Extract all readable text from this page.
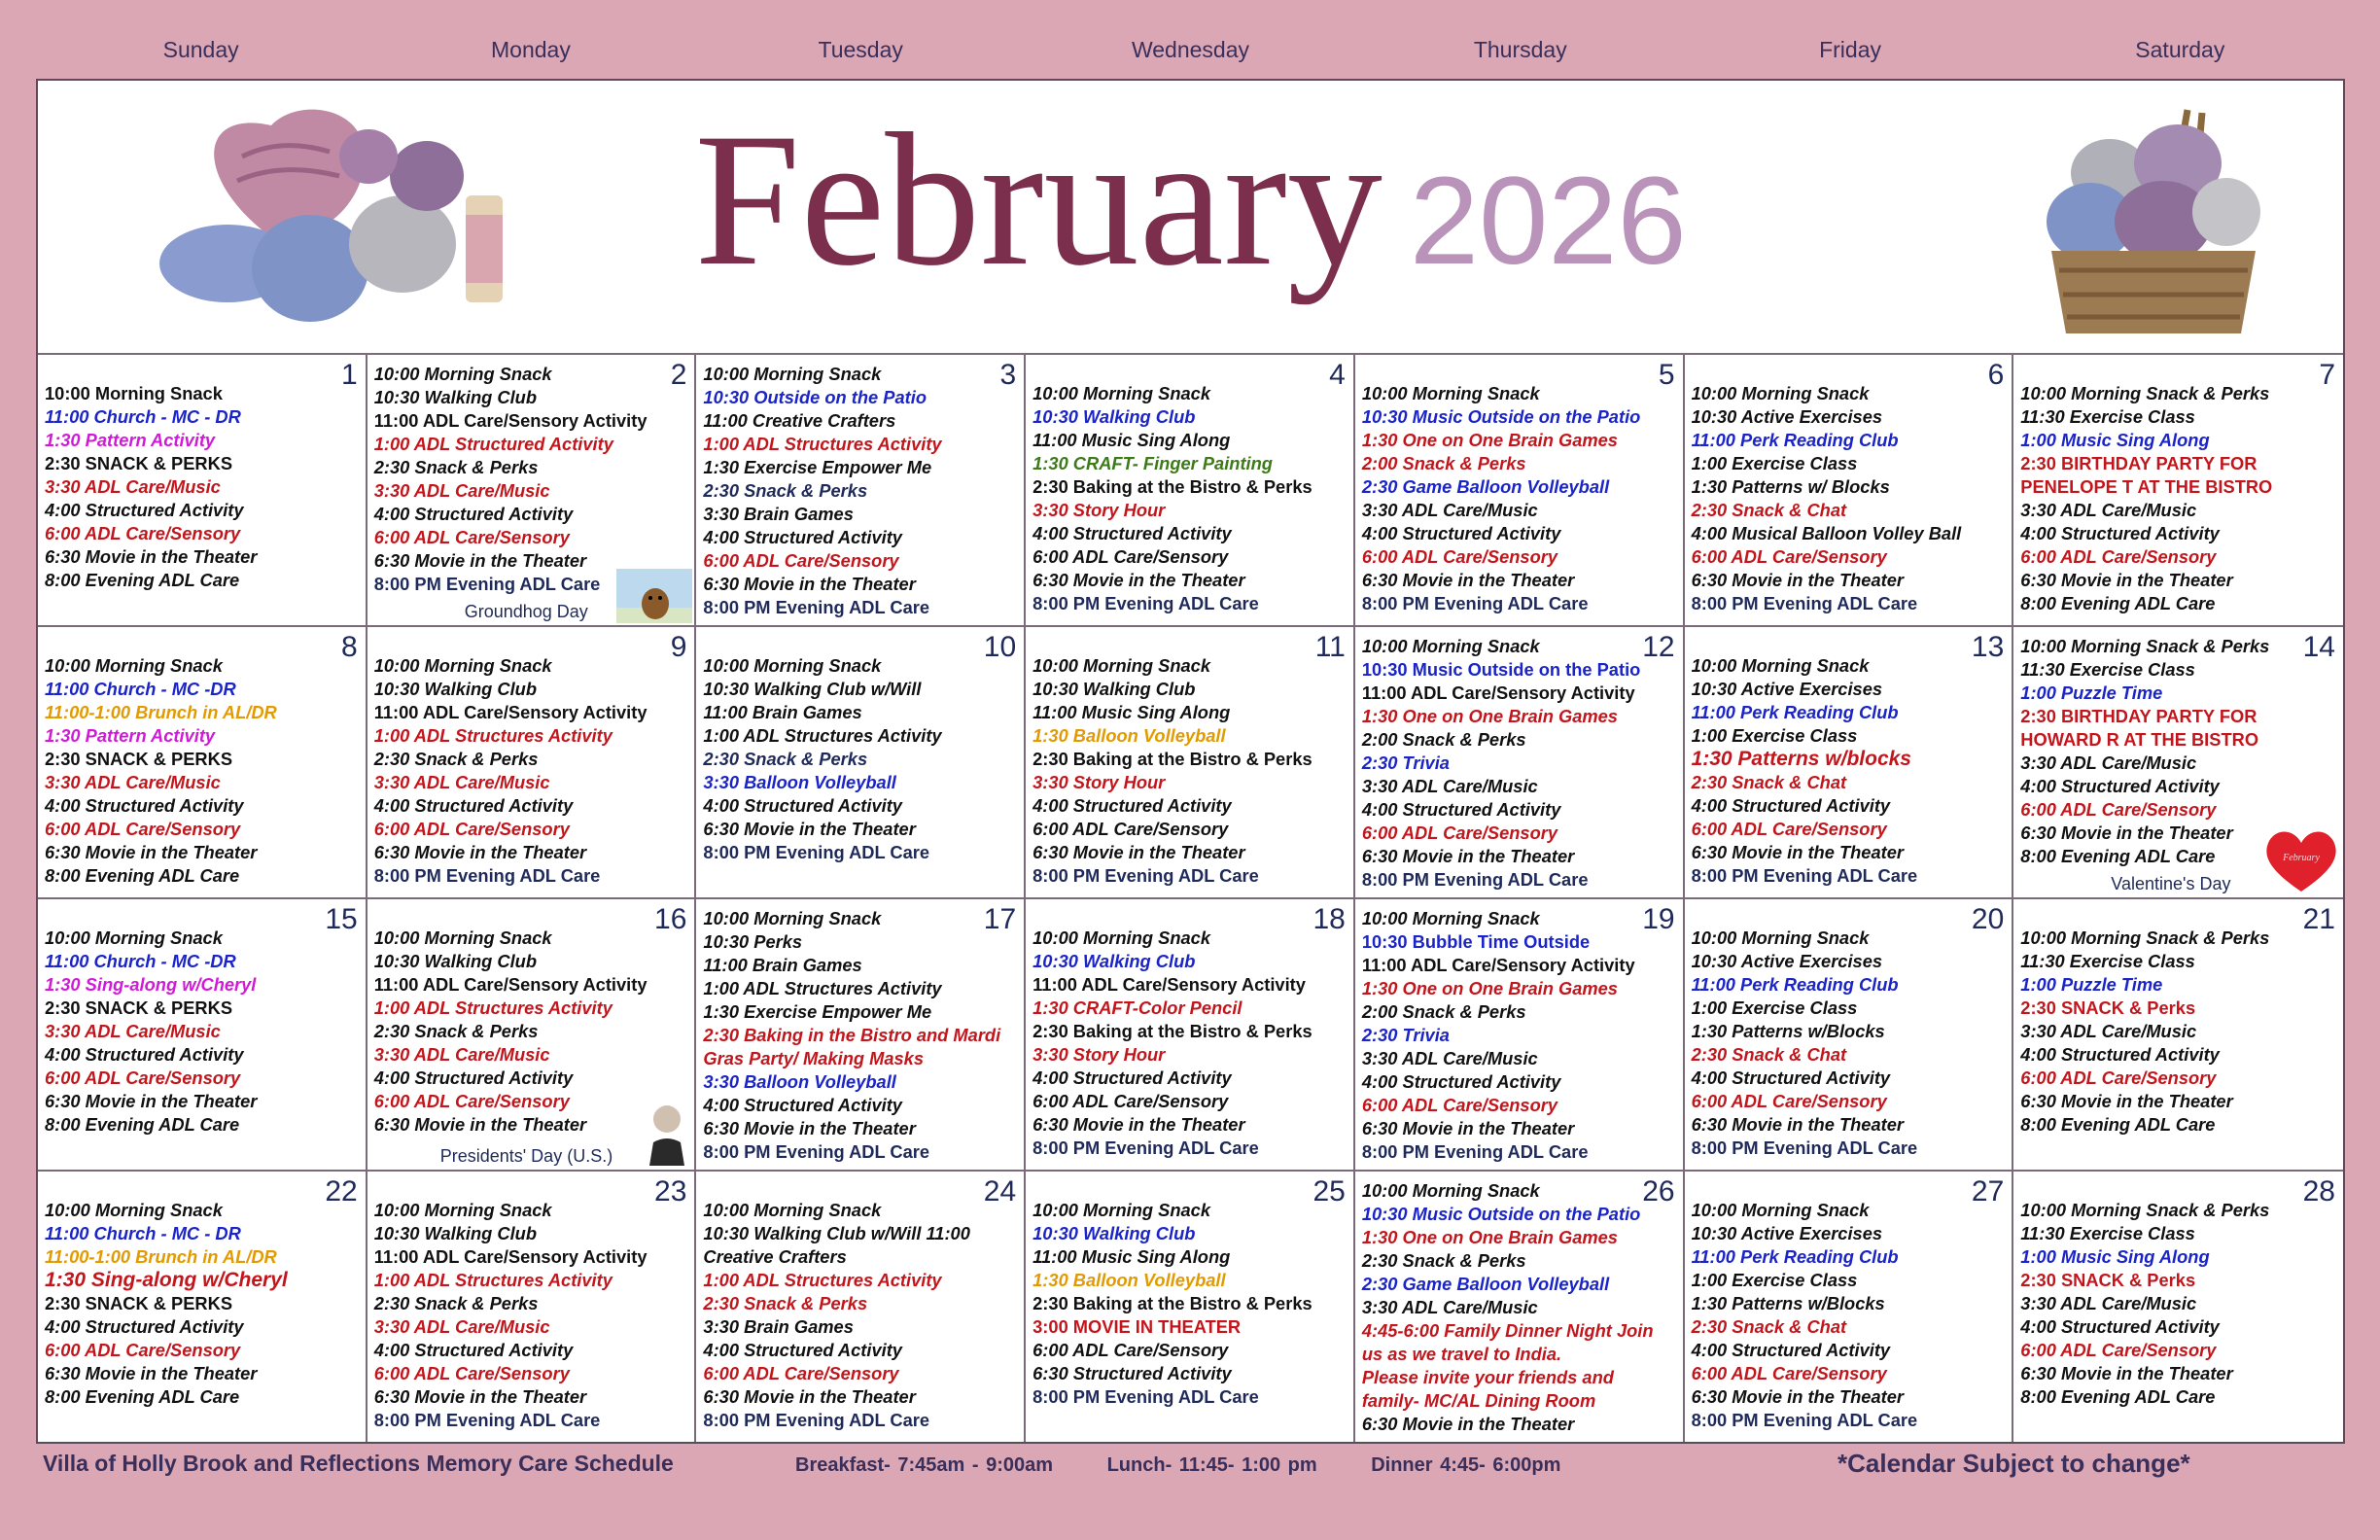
Sunday	Monday	Tuesday	Wednesday	Thursday	Friday	Saturday
February 2026
1
10:00 Morning Snack
11:00 Church - MC - DR
1:30 Pattern Activity
2:30 SNACK & PERKS
3:30 ADL Care/Music
4:00 Structured Activity
6:00 ADL Care/Sensory
6:30 Movie in the Theater
8:00 Evening ADL Care
2
10:00 Morning Snack
10:30 Walking Club
11:00 ADL Care/Sensory Activity
1:00 ADL Structured Activity
2:30 Snack & Perks
3:30 ADL Care/Music
4:00 Structured Activity
6:00 ADL Care/Sensory
6:30 Movie in the Theater
8:00 PM Evening ADL Care
Groundhog Day
3
10:00 Morning Snack
10:30 Outside on the Patio
11:00 Creative Crafters
1:00 ADL Structures Activity
1:30 Exercise Empower Me
2:30 Snack & Perks
3:30 Brain Games
4:00 Structured Activity
6:00 ADL Care/Sensory
6:30 Movie in the Theater
8:00 PM Evening ADL Care
4
10:00 Morning Snack
10:30 Walking Club
11:00 Music Sing Along
1:30 CRAFT- Finger Painting
2:30 Baking at the Bistro & Perks
3:30 Story Hour
4:00 Structured Activity
6:00 ADL Care/Sensory
6:30 Movie in the Theater
8:00 PM Evening ADL Care
5
10:00 Morning Snack
10:30 Music Outside on the Patio
1:30 One on One Brain Games
2:00 Snack & Perks
2:30 Game Balloon Volleyball
3:30 ADL Care/Music
4:00 Structured Activity
6:00 ADL Care/Sensory
6:30 Movie in the Theater
8:00 PM Evening ADL Care
6
10:00 Morning Snack
10:30 Active Exercises
11:00 Perk Reading Club
1:00 Exercise Class
1:30 Patterns w/ Blocks
2:30 Snack & Chat
4:00 Musical Balloon Volley Ball
6:00 ADL Care/Sensory
6:30 Movie in the Theater
8:00 PM Evening ADL Care
7
10:00 Morning Snack & Perks
11:30 Exercise Class
1:00 Music Sing Along
2:30 BIRTHDAY PARTY FOR
PENELOPE T AT THE BISTRO
3:30 ADL Care/Music
4:00 Structured Activity
6:00 ADL Care/Sensory
6:30 Movie in the Theater
8:00 Evening ADL Care
8
10:00 Morning Snack
11:00 Church - MC -DR
11:00-1:00 Brunch in AL/DR
1:30 Pattern Activity
2:30 SNACK & PERKS
3:30 ADL Care/Music
4:00 Structured Activity
6:00 ADL Care/Sensory
6:30 Movie in the Theater
8:00 Evening ADL Care
9
10:00 Morning Snack
10:30 Walking Club
11:00 ADL Care/Sensory Activity
1:00 ADL Structures Activity
2:30 Snack & Perks
3:30 ADL Care/Music
4:00 Structured Activity
6:00 ADL Care/Sensory
6:30 Movie in the Theater
8:00 PM Evening ADL Care
10
10:00 Morning Snack
10:30 Walking Club w/Will
11:00 Brain Games
1:00 ADL Structures Activity
2:30 Snack & Perks
3:30 Balloon Volleyball
4:00 Structured Activity
6:30 Movie in the Theater
8:00 PM Evening ADL Care
11
10:00 Morning Snack
10:30 Walking Club
11:00 Music Sing Along
1:30 Balloon Volleyball
2:30 Baking at the Bistro & Perks
3:30 Story Hour
4:00 Structured Activity
6:00 ADL Care/Sensory
6:30 Movie in the Theater
8:00 PM Evening ADL Care
12
10:00 Morning Snack
10:30 Music Outside on the Patio
11:00 ADL Care/Sensory Activity
1:30 One on One Brain Games
2:00 Snack & Perks
2:30 Trivia
3:30 ADL Care/Music
4:00 Structured Activity
6:00 ADL Care/Sensory
6:30 Movie in the Theater
8:00 PM Evening ADL Care
13
10:00 Morning Snack
10:30 Active Exercises
11:00 Perk Reading Club
1:00 Exercise Class
1:30 Patterns w/blocks
2:30 Snack & Chat
4:00 Structured Activity
6:00 ADL Care/Sensory
6:30 Movie in the Theater
8:00 PM Evening ADL Care
14
10:00 Morning Snack & Perks
11:30 Exercise Class
1:00 Puzzle Time
2:30 BIRTHDAY PARTY FOR
HOWARD R AT THE BISTRO
3:30 ADL Care/Music
4:00 Structured Activity
6:00 ADL Care/Sensory
6:30 Movie in the Theater
8:00 Evening ADL Care
Valentine's Day
February
15
10:00 Morning Snack
11:00 Church - MC -DR
1:30 Sing-along w/Cheryl
2:30 SNACK & PERKS
3:30 ADL Care/Music
4:00 Structured Activity
6:00 ADL Care/Sensory
6:30 Movie in the Theater
8:00 Evening ADL Care
16
10:00 Morning Snack
10:30 Walking Club
11:00 ADL Care/Sensory Activity
1:00 ADL Structures Activity
2:30 Snack & Perks
3:30 ADL Care/Music
4:00 Structured Activity
6:00 ADL Care/Sensory
6:30 Movie in the Theater
Presidents' Day (U.S.)
17
10:00 Morning Snack
10:30 Perks
11:00 Brain Games
1:00 ADL Structures Activity
1:30 Exercise Empower Me
2:30 Baking in the Bistro and Mardi
Gras Party/ Making Masks
3:30 Balloon Volleyball
4:00 Structured Activity
6:30 Movie in the Theater
8:00 PM Evening ADL Care
18
10:00 Morning Snack
10:30 Walking Club
11:00 ADL Care/Sensory Activity
1:30 CRAFT-Color Pencil
2:30 Baking at the Bistro & Perks
3:30 Story Hour
4:00 Structured Activity
6:00 ADL Care/Sensory
6:30 Movie in the Theater
8:00 PM Evening ADL Care
19
10:00 Morning Snack
10:30 Bubble Time Outside
11:00 ADL Care/Sensory Activity
1:30 One on One Brain Games
2:00 Snack & Perks
2:30 Trivia
3:30 ADL Care/Music
4:00 Structured Activity
6:00 ADL Care/Sensory
6:30 Movie in the Theater
8:00 PM Evening ADL Care
20
10:00 Morning Snack
10:30 Active Exercises
11:00 Perk Reading Club
1:00 Exercise Class
1:30 Patterns w/Blocks
2:30 Snack & Chat
4:00 Structured Activity
6:00 ADL Care/Sensory
6:30 Movie in the Theater
8:00 PM Evening ADL Care
21
10:00 Morning Snack & Perks
11:30 Exercise Class
1:00 Puzzle Time
2:30 SNACK & Perks
3:30 ADL Care/Music
4:00 Structured Activity
6:00 ADL Care/Sensory
6:30 Movie in the Theater
8:00 Evening ADL Care
22
10:00 Morning Snack
11:00 Church - MC - DR
11:00-1:00 Brunch in AL/DR
1:30 Sing-along w/Cheryl
2:30 SNACK & PERKS
4:00 Structured Activity
6:00 ADL Care/Sensory
6:30 Movie in the Theater
8:00 Evening ADL Care
23
10:00 Morning Snack
10:30 Walking Club
11:00 ADL Care/Sensory Activity
1:00 ADL Structures Activity
2:30 Snack & Perks
3:30 ADL Care/Music
4:00 Structured Activity
6:00 ADL Care/Sensory
6:30 Movie in the Theater
8:00 PM Evening ADL Care
24
10:00 Morning Snack
10:30 Walking Club w/Will 11:00
Creative Crafters
1:00 ADL Structures Activity
2:30 Snack & Perks
3:30 Brain Games
4:00 Structured Activity
6:00 ADL Care/Sensory
6:30 Movie in the Theater
8:00 PM Evening ADL Care
25
10:00 Morning Snack
10:30 Walking Club
11:00 Music Sing Along
1:30 Balloon Volleyball
2:30 Baking at the Bistro & Perks
3:00 MOVIE IN THEATER
6:00 ADL Care/Sensory
6:30 Structured Activity
8:00 PM Evening ADL Care
26
10:00 Morning Snack
10:30 Music Outside on the Patio
1:30 One on One Brain Games
2:30 Snack & Perks
2:30 Game Balloon Volleyball
3:30 ADL Care/Music
4:45-6:00 Family Dinner Night Join
us as we travel to India.
Please invite your friends and
family- MC/AL Dining Room
6:30 Movie in the Theater
27
10:00 Morning Snack
10:30 Active Exercises
11:00 Perk Reading Club
1:00 Exercise Class
1:30 Patterns w/Blocks
2:30 Snack & Chat
4:00 Structured Activity
6:00 ADL Care/Sensory
6:30 Movie in the Theater
8:00 PM Evening ADL Care
28
10:00 Morning Snack & Perks
11:30 Exercise Class
1:00 Music Sing Along
2:30 SNACK & Perks
3:30 ADL Care/Music
4:00 Structured Activity
6:00 ADL Care/Sensory
6:30 Movie in the Theater
8:00 Evening ADL Care
Villa of Holly Brook and Reflections Memory Care Schedule	Breakfast- 7:45am - 9:00am	Lunch- 11:45- 1:00 pm	Dinner 4:45- 6:00pm	*Calendar Subject to change*
